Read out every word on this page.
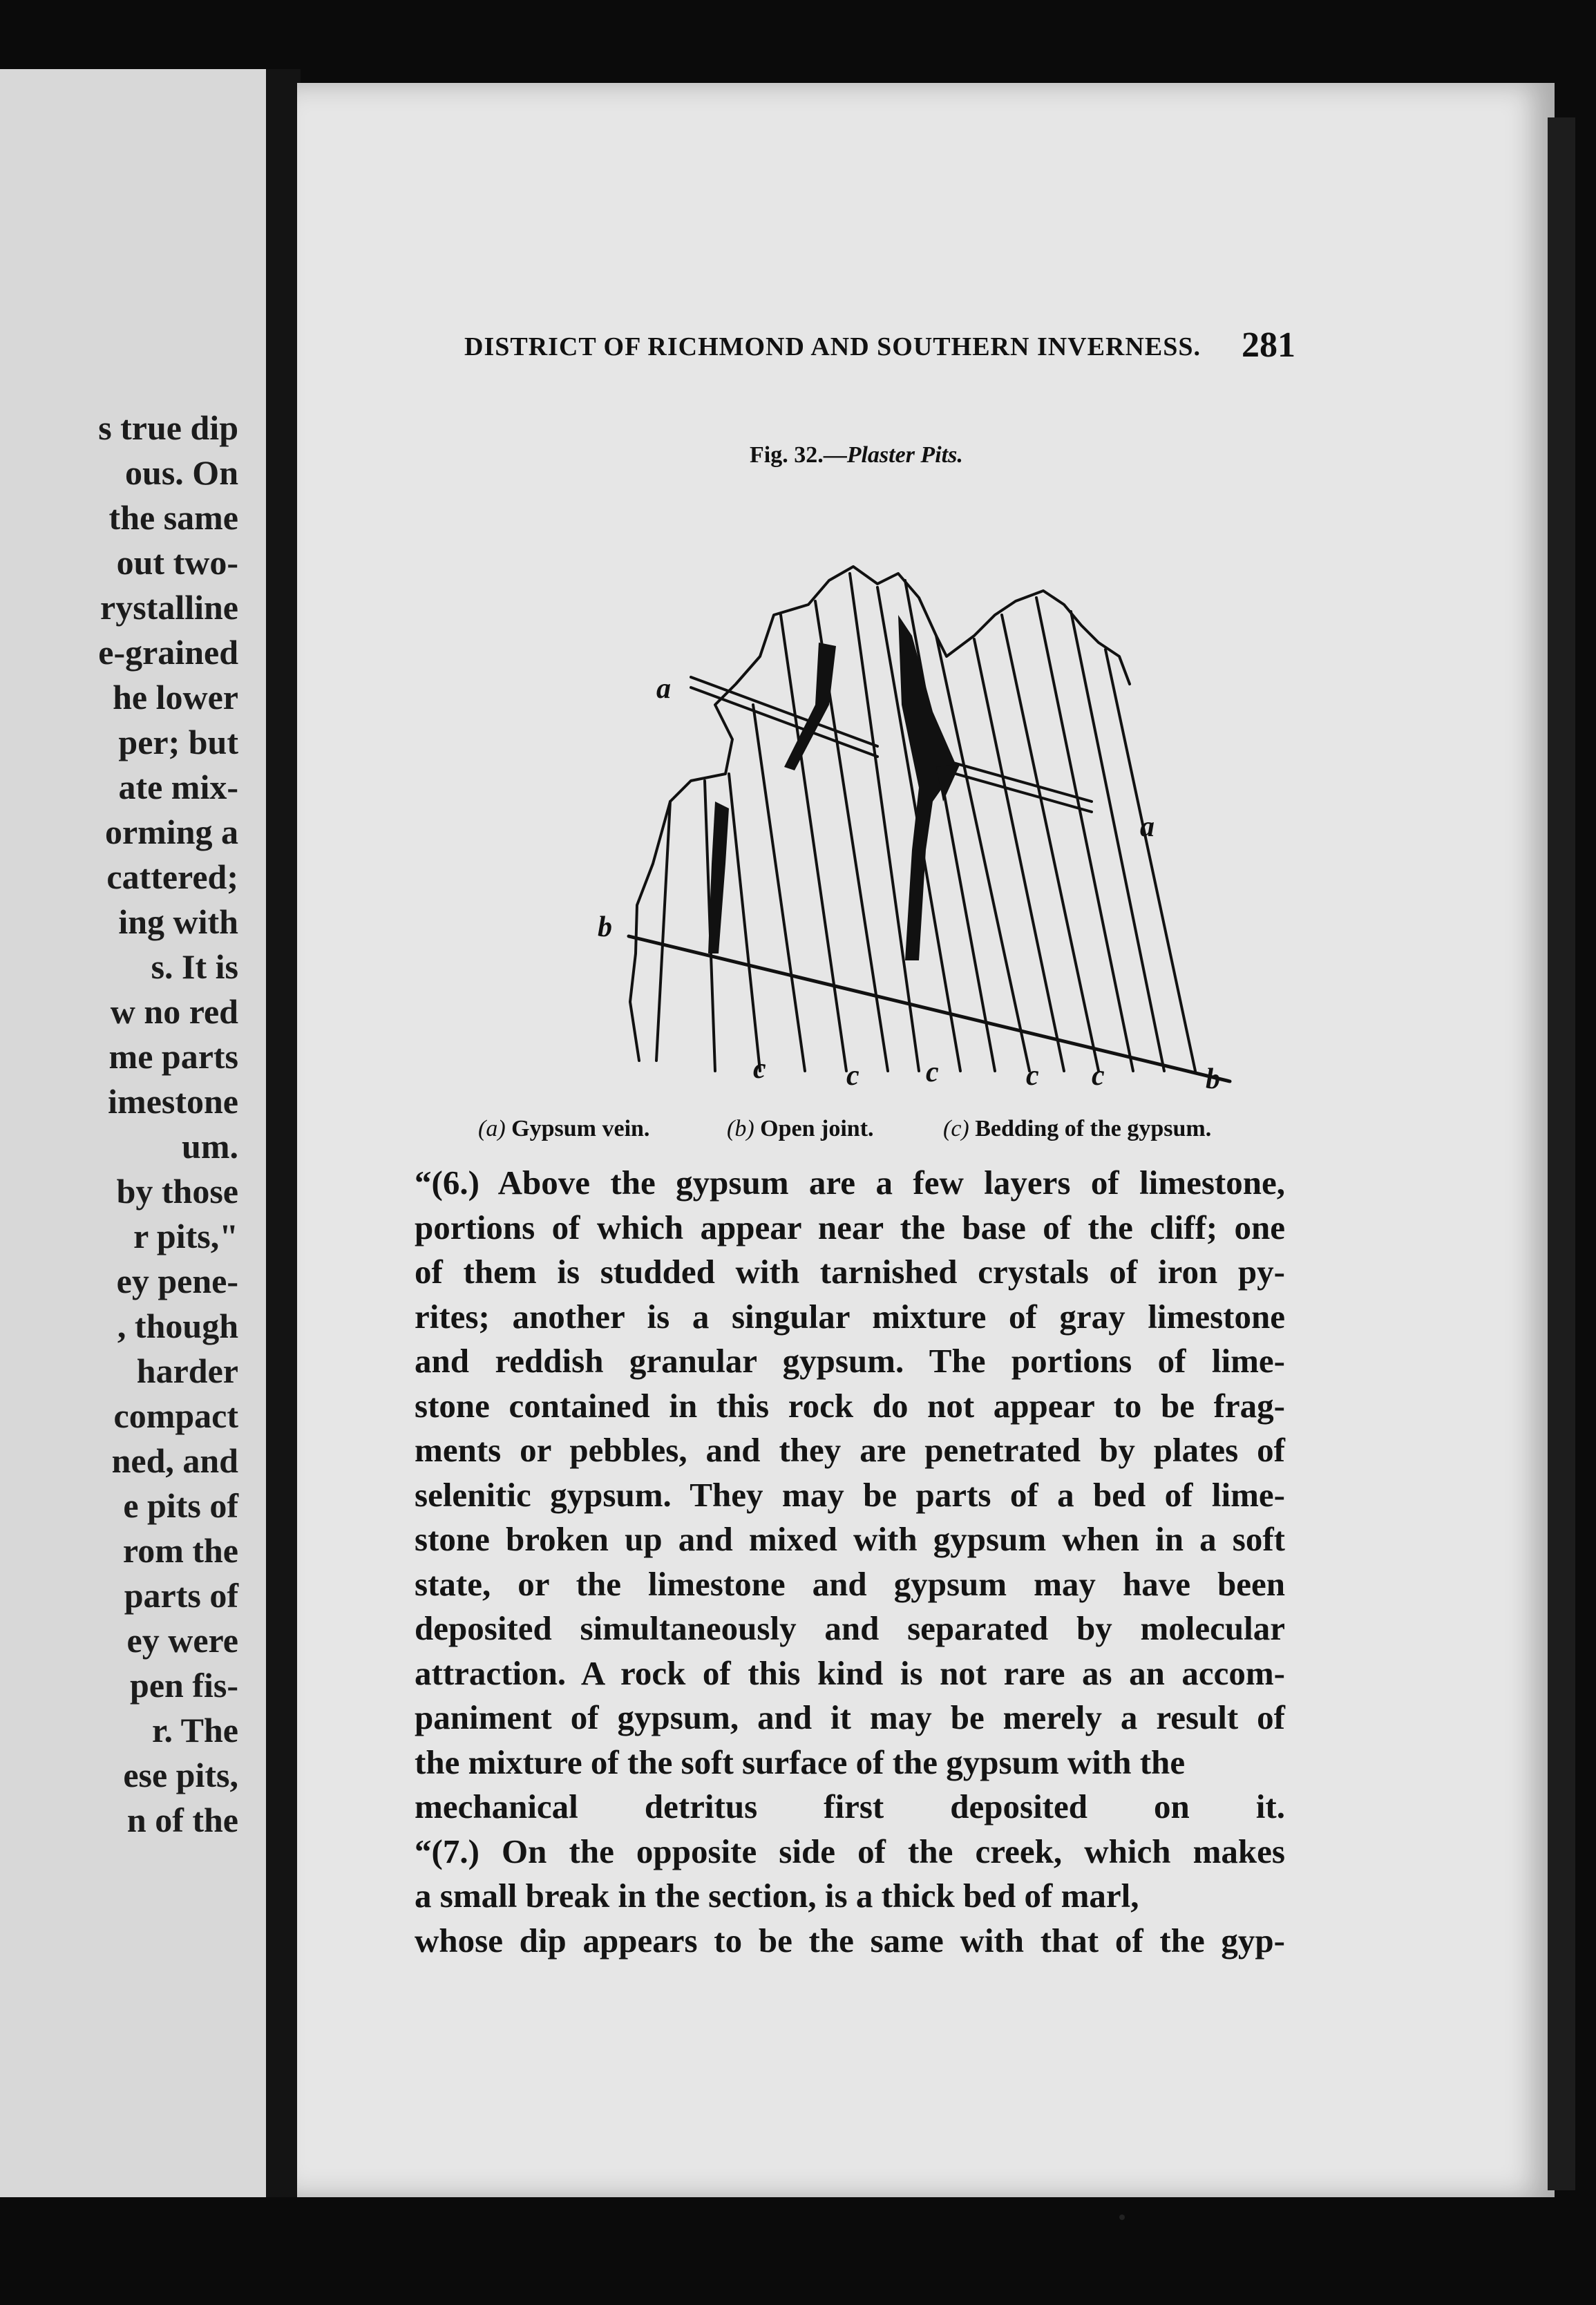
s true dip
ous. On
the same
out two-
rystalline
e-grained
he lower
per; but
ate mix-
orming a
cattered;
ing with
s. It is
w no red
me parts
imestone
um.
by those
r pits,"
ey pene-
, though
harder
compact
ned, and
e pits of
rom the
parts of
ey were
pen fis-
r. The
ese pits,
n of the
DISTRICT OF RICHMOND AND SOUTHERN INVERNESS. 281
Fig. 32.—Plaster Pits.
a
a
b
b
c	c c	c c
(a) Gypsum vein.	(b) Open joint.	(c) Bedding of the gypsum.
“(6.) Above the gypsum are a few layers of limestone,
portions of which appear near the base of the cliff; one
of them is studded with tarnished crystals of iron py-
rites; another is a singular mixture of gray limestone
and reddish granular gypsum. The portions of lime-
stone contained in this rock do not appear to be frag-
ments or pebbles, and they are penetrated by plates of
selenitic gypsum. They may be parts of a bed of lime-
stone broken up and mixed with gypsum when in a soft
state, or the limestone and gypsum may have been
deposited simultaneously and separated by molecular
attraction. A rock of this kind is not rare as an accom-
paniment of gypsum, and it may be merely a result of
the mixture of the soft surface of the gypsum with the
mechanical detritus first deposited on it.
“(7.) On the opposite side of the creek, which makes
a small break in the section, is a thick bed of marl,
whose dip appears to be the same with that of the gyp-
